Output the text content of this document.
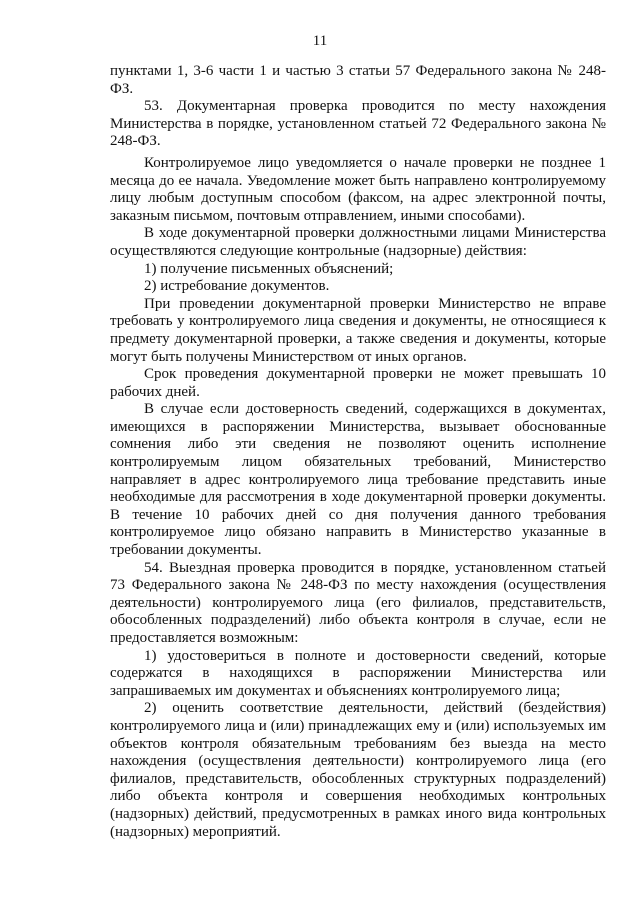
11

пунктами 1, 3-6 части 1 и частью 3 статьи 57 Федерального закона № 248-ФЗ.

53. Документарная проверка проводится по месту нахождения Министерства в порядке, установленном статьей 72 Федерального закона № 248-ФЗ.

Контролируемое лицо уведомляется о начале проверки не позднее 1 месяца до ее начала. Уведомление может быть направлено контролируемому лицу любым доступным способом (факсом, на адрес электронной почты, заказным письмом, почтовым отправлением, иными способами).

В ходе документарной проверки должностными лицами Министерства осуществляются следующие контрольные (надзорные) действия:

1) получение письменных объяснений;

2) истребование документов.

При проведении документарной проверки Министерство не вправе требовать у контролируемого лица сведения и документы, не относящиеся к предмету документарной проверки, а также сведения и документы, которые могут быть получены Министерством от иных органов.

Срок проведения документарной проверки не может превышать 10 рабочих дней.

В случае если достоверность сведений, содержащихся в документах, имеющихся в распоряжении Министерства, вызывает обоснованные сомнения либо эти сведения не позволяют оценить исполнение контролируемым лицом обязательных требований, Министерство направляет в адрес контролируемого лица требование представить иные необходимые для рассмотрения в ходе документарной проверки документы. В течение 10 рабочих дней со дня получения данного требования контролируемое лицо обязано направить в Министерство указанные в требовании документы.

54. Выездная проверка проводится в порядке, установленном статьей 73 Федерального закона № 248-ФЗ по месту нахождения (осуществления деятельности) контролируемого лица (его филиалов, представительств, обособленных подразделений) либо объекта контроля в случае, если не предоставляется возможным:

1) удостовериться в полноте и достоверности сведений, которые содержатся в находящихся в распоряжении Министерства или запрашиваемых им документах и объяснениях контролируемого лица;

2) оценить соответствие деятельности, действий (бездействия) контролируемого лица и (или) принадлежащих ему и (или) используемых им объектов контроля обязательным требованиям без выезда на место нахождения (осуществления деятельности) контролируемого лица (его филиалов, представительств, обособленных структурных подразделений) либо объекта контроля и совершения необходимых контрольных (надзорных) действий, предусмотренных в рамках иного вида контрольных (надзорных) мероприятий.
